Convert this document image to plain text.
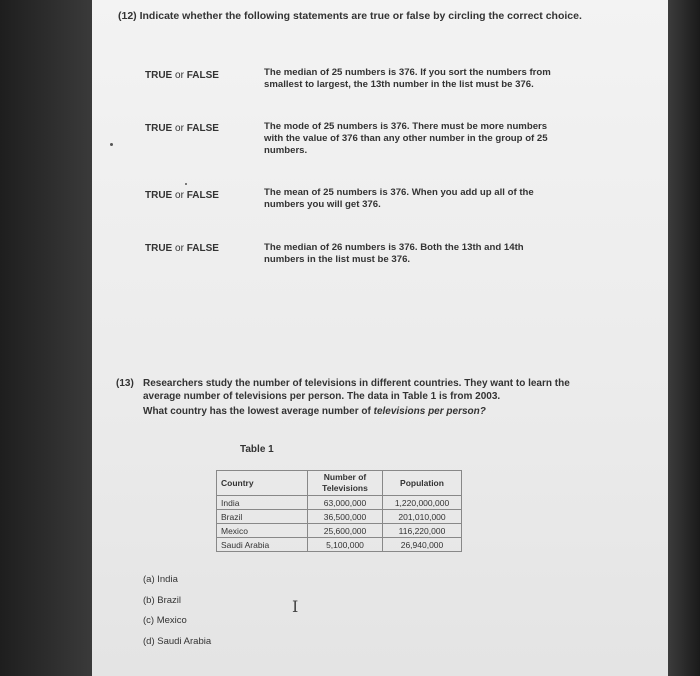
(12) Indicate whether the following statements are true or false by circling the correct choice.
TRUE or FALSE	The median of 25 numbers is 376. If you sort the numbers from
smallest to largest, the 13th number in the list must be 376.
TRUE or FALSE	The mode of 25 numbers is 376. There must be more numbers
with the value of 376 than any other number in the group of 25
numbers.
TRUE or FALSE	The mean of 25 numbers is 376. When you add up all of the
numbers you will get 376.
TRUE or FALSE	The median of 26 numbers is 376. Both the 13th and 14th
numbers in the list must be 376.
(13) Researchers study the number of televisions in different countries. They want to learn the
average number of televisions per person. The data in Table 1 is from 2003.
What country has the lowest average number of televisions per person?
Table 1
Country	Number of Televisions	Population
India	63,000,000	1,220,000,000
Brazil	36,500,000	201,010,000
Mexico	25,600,000	116,220,000
Saudi Arabia	5,100,000	26,940,000
(a) India
(b) Brazil
(c) Mexico
(d) Saudi Arabia
I
